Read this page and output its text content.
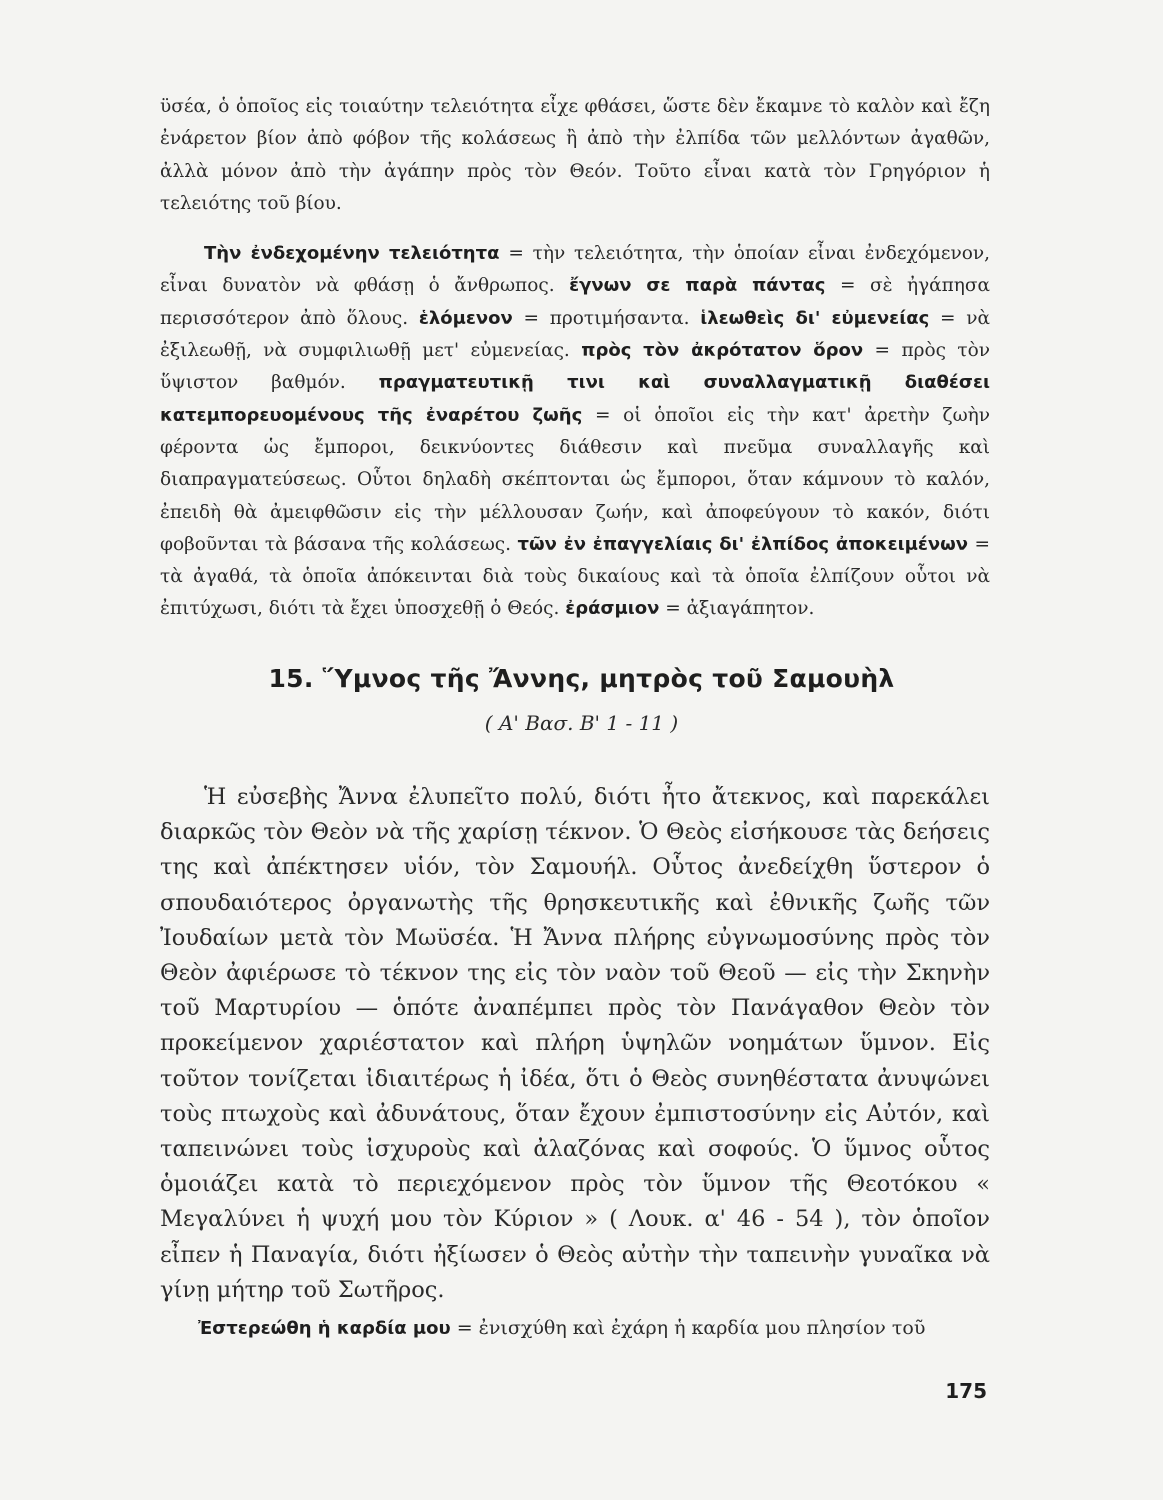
ϋσέα, ὁ ὁποῖος εἰς τοιαύτην τελειότητα εἶχε φθάσει, ὥστε δὲν ἔκαμνε τὸ καλὸν καὶ ἔζη ἐνάρετον βίον ἀπὸ φόβον τῆς κολάσεως ἢ ἀπὸ τὴν ἐλπίδα τῶν μελλόντων ἀγαθῶν, ἀλλὰ μόνον ἀπὸ τὴν ἀγάπην πρὸς τὸν Θεόν. Τοῦτο εἶναι κατὰ τὸν Γρηγόριον ἡ τελειότης τοῦ βίου.

Τὴν ἐνδεχομένην τελειότητα = τὴν τελειότητα, τὴν ὁποίαν εἶναι ἐνδεχόμενον, εἶναι δυνατὸν νὰ φθάσῃ ὁ ἄνθρωπος. ἔγνων σε παρὰ πάντας = σὲ ἠγάπησα περισσότερον ἀπὸ ὅλους. ἑλόμενον = προτιμήσαντα. ἱλεωθεὶς δι' εὐμενείας = νὰ ἐξιλεωθῇ, νὰ συμφιλιωθῇ μετ' εὐμενείας. πρὸς τὸν ἀκρότατον ὅρον = πρὸς τὸν ὕψιστον βαθμόν. πραγματευτικῇ τινι καὶ συναλλαγματικῇ διαθέσει κατεμπορευομένους τῆς ἐναρέτου ζωῆς = οἱ ὁποῖοι εἰς τὴν κατ' ἀρετὴν ζωὴν φέροντα ὡς ἔμποροι, δεικνύοντες διάθεσιν καὶ πνεῦμα συναλλαγῆς καὶ διαπραγματεύσεως. Οὗτοι δηλαδὴ σκέπτονται ὡς ἔμποροι, ὅταν κάμνουν τὸ καλόν, ἐπειδὴ θὰ ἀμειφθῶσιν εἰς τὴν μέλλουσαν ζωήν, καὶ ἀποφεύγουν τὸ κακόν, διότι φοβοῦνται τὰ βάσανα τῆς κολάσεως. τῶν ἐν ἐπαγγελίαις δι' ἐλπίδος ἀποκειμένων = τὰ ἀγαθά, τὰ ὁποῖα ἀπόκεινται διὰ τοὺς δικαίους καὶ τὰ ὁποῖα ἐλπίζουν οὗτοι νὰ ἐπιτύχωσι, διότι τὰ ἔχει ὑποσχεθῇ ὁ Θεός. ἐράσμιον = ἀξιαγάπητον.

15. Ὕμνος τῆς Ἄννης, μητρὸς τοῦ Σαμουὴλ
( Α' Βασ. Β' 1 - 11 )

Ἡ εὐσεβὴς Ἄννα ἐλυπεῖτο πολύ, διότι ἦτο ἄτεκνος, καὶ παρεκάλει διαρκῶς τὸν Θεὸν νὰ τῆς χαρίσῃ τέκνον. Ὁ Θεὸς εἰσήκουσε τὰς δεήσεις της καὶ ἀπέκτησεν υἱόν, τὸν Σαμουήλ. Οὗτος ἀνεδείχθη ὕστερον ὁ σπουδαιότερος ὀργανωτὴς τῆς θρησκευτικῆς καὶ ἐθνικῆς ζωῆς τῶν Ἰουδαίων μετὰ τὸν Μωϋσέα. Ἡ Ἄννα πλήρης εὐγνωμοσύνης πρὸς τὸν Θεὸν ἀφιέρωσε τὸ τέκνον της εἰς τὸν ναὸν τοῦ Θεοῦ — εἰς τὴν Σκηνὴν τοῦ Μαρτυρίου — ὁπότε ἀναπέμπει πρὸς τὸν Πανάγαθον Θεὸν τὸν προκείμενον χαριέστατον καὶ πλήρη ὑψηλῶν νοημάτων ὕμνον. Εἰς τοῦτον τονίζεται ἰδιαιτέρως ἡ ἰδέα, ὅτι ὁ Θεὸς συνηθέστατα ἀνυψώνει τοὺς πτωχοὺς καὶ ἀδυνάτους, ὅταν ἔχουν ἐμπιστοσύνην εἰς Αὐτόν, καὶ ταπεινώνει τοὺς ἰσχυροὺς καὶ ἀλαζόνας καὶ σοφούς. Ὁ ὕμνος οὗτος ὁμοιάζει κατὰ τὸ περιεχόμενον πρὸς τὸν ὕμνον τῆς Θεοτόκου « Μεγαλύνει ἡ ψυχή μου τὸν Κύριον » ( Λουκ. α' 46 - 54 ), τὸν ὁποῖον εἶπεν ἡ Παναγία, διότι ἠξίωσεν ὁ Θεὸς αὐτὴν τὴν ταπεινὴν γυναῖκα νὰ γίνῃ μήτηρ τοῦ Σωτῆρος.

Ἐστερεώθη ἡ καρδία μου = ἐνισχύθη καὶ ἐχάρη ἡ καρδία μου πλησίον τοῦ

175
